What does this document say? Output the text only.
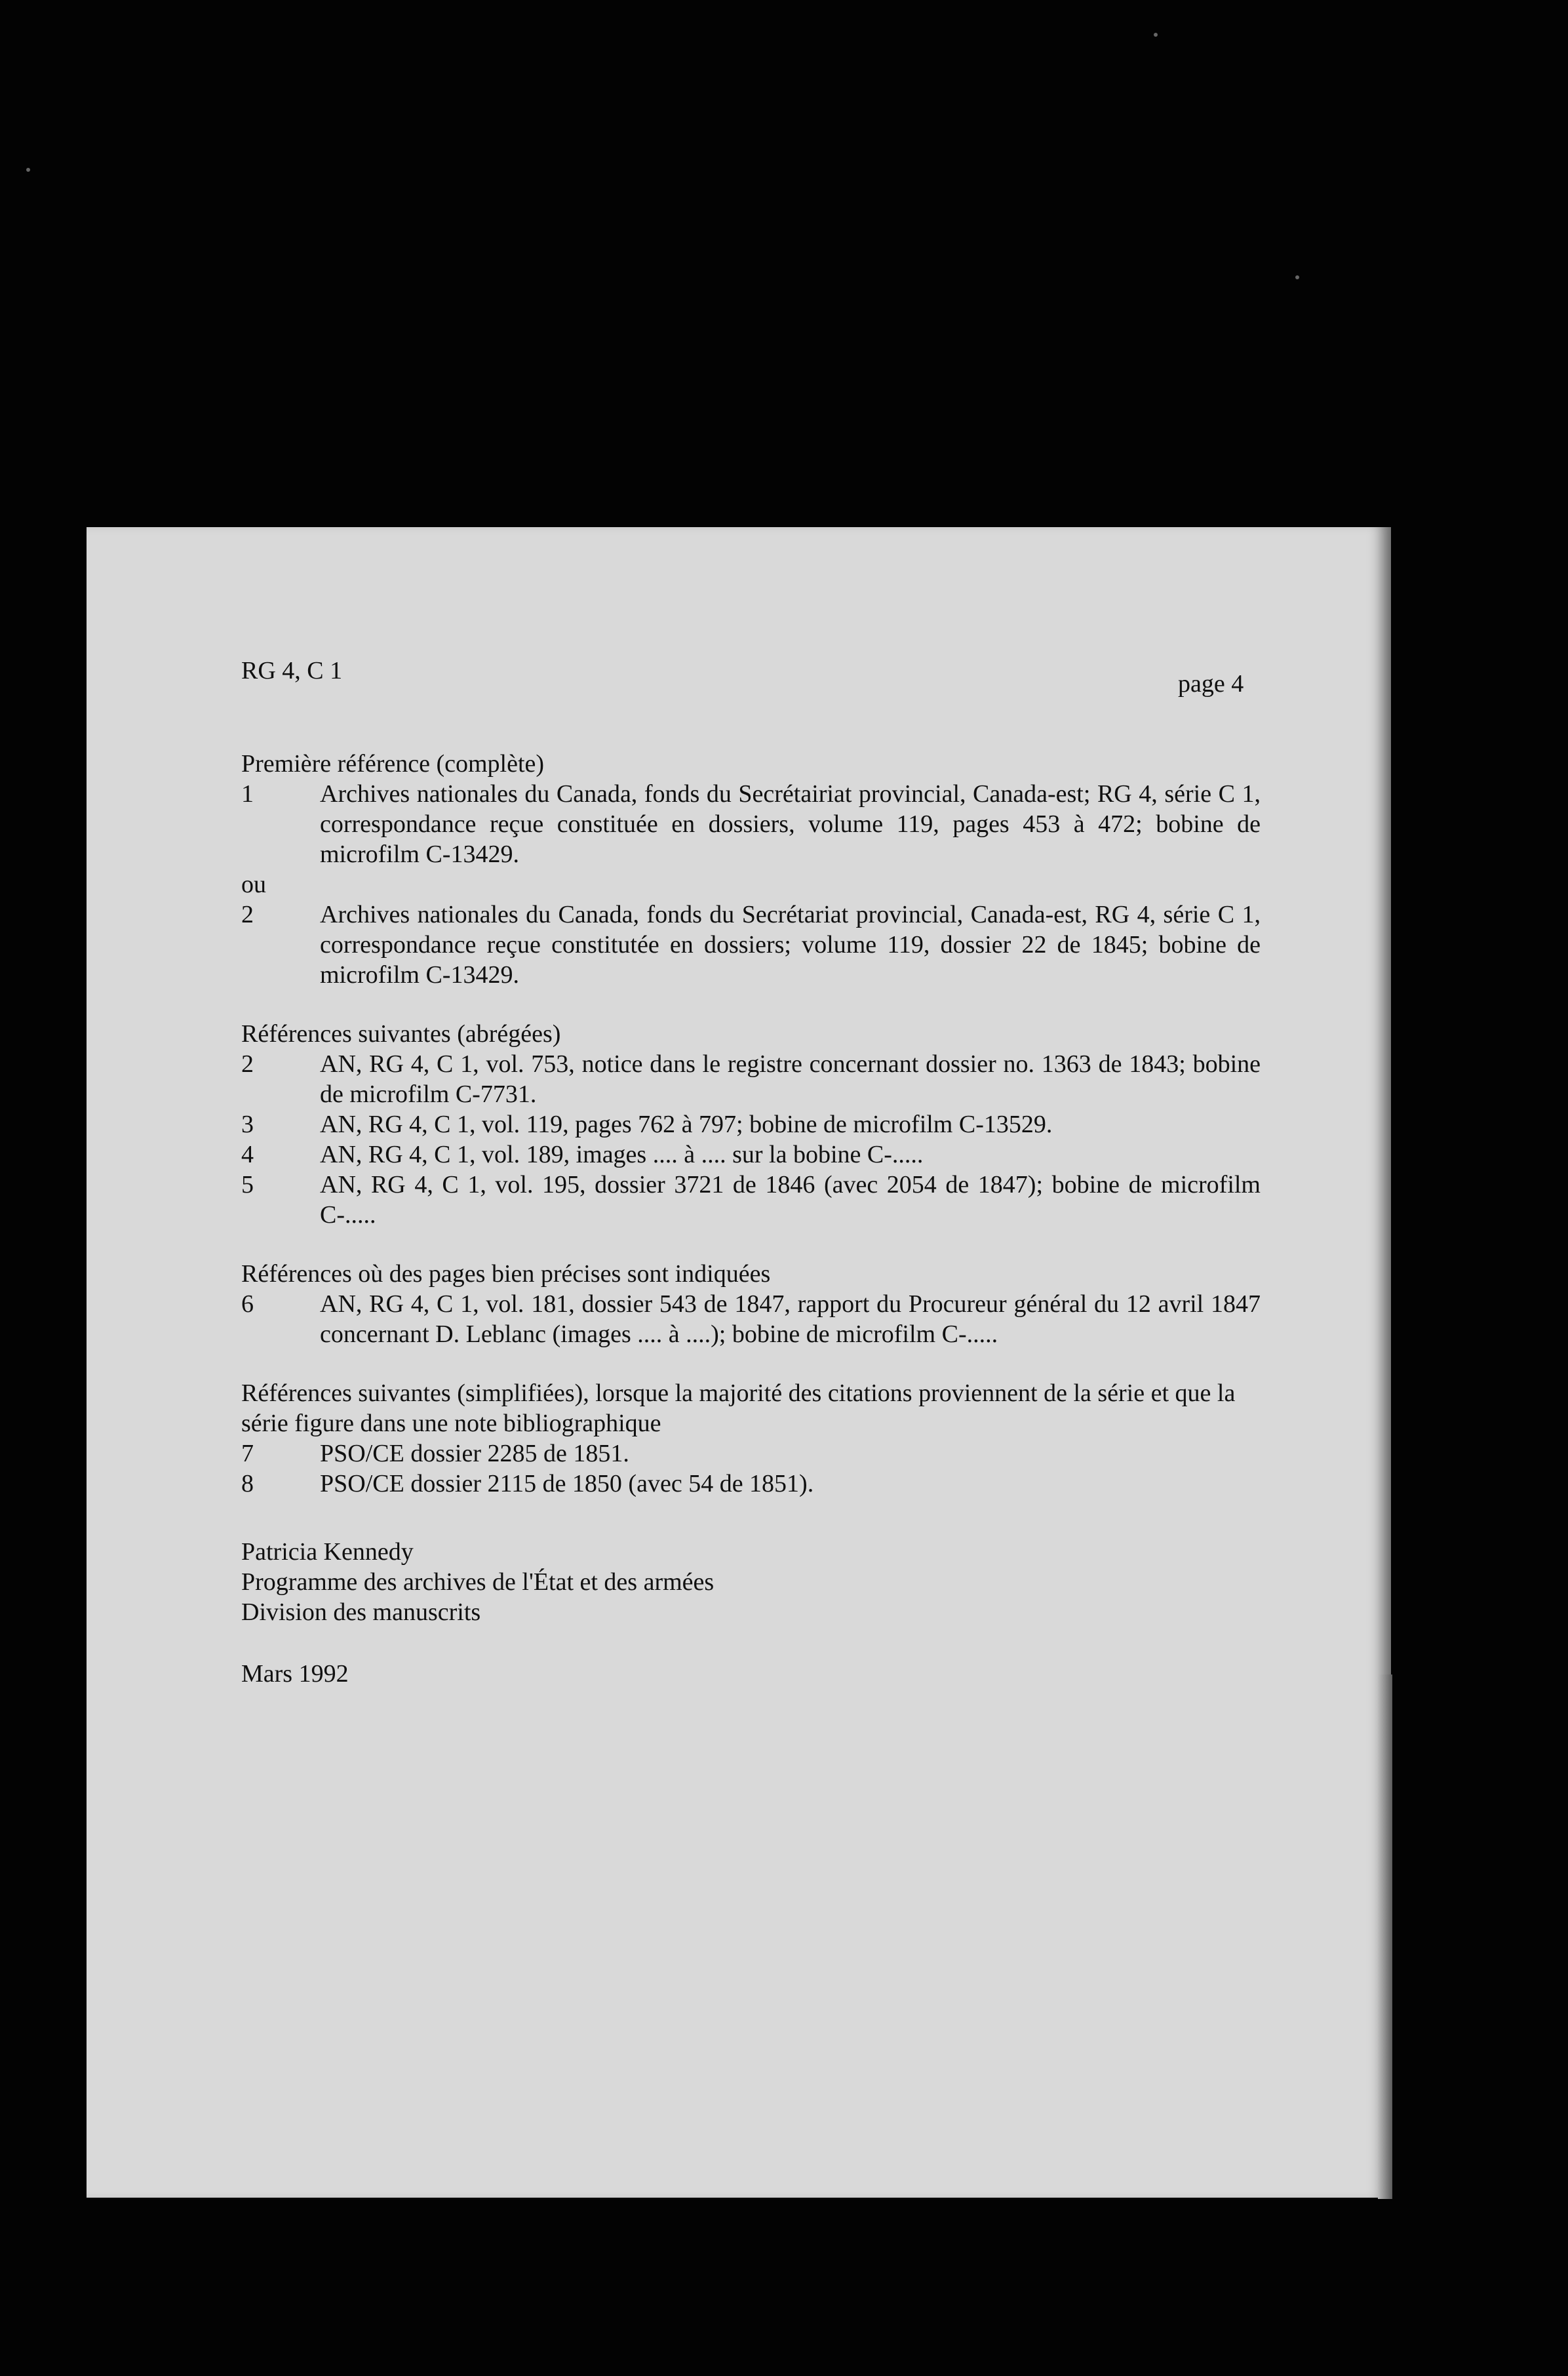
RG 4, C 1	page 4
Première référence (complète)
1	Archives nationales du Canada, fonds du Secrétairiat provincial, Canada-est; RG 4, série C 1, correspondance reçue constituée en dossiers, volume 119, pages 453 à 472; bobine de microfilm C-13429.
ou
2	Archives nationales du Canada, fonds du Secrétariat provincial, Canada-est, RG 4, série C 1, correspondance reçue constitutée en dossiers; volume 119, dossier 22 de 1845; bobine de microfilm C-13429.
Références suivantes (abrégées)
2	AN, RG 4, C 1, vol. 753, notice dans le registre concernant dossier no. 1363 de 1843; bobine de microfilm C-7731.
3	AN, RG 4, C 1, vol. 119, pages 762 à 797; bobine de microfilm C-13529.
4	AN, RG 4, C 1, vol. 189, images .... à .... sur la bobine C-.....
5	AN, RG 4, C 1, vol. 195, dossier 3721 de 1846 (avec 2054 de 1847); bobine de microfilm C-.....
Références où des pages bien précises sont indiquées
6	AN, RG 4, C 1, vol. 181, dossier 543 de 1847, rapport du Procureur général du 12 avril 1847 concernant D. Leblanc (images .... à ....); bobine de microfilm C-.....
Références suivantes (simplifiées), lorsque la majorité des citations proviennent de la série et que la série figure dans une note bibliographique
7	PSO/CE dossier 2285 de 1851.
8	PSO/CE dossier 2115 de 1850 (avec 54 de 1851).
Patricia Kennedy
Programme des archives de l'État et des armées
Division des manuscrits
Mars 1992
